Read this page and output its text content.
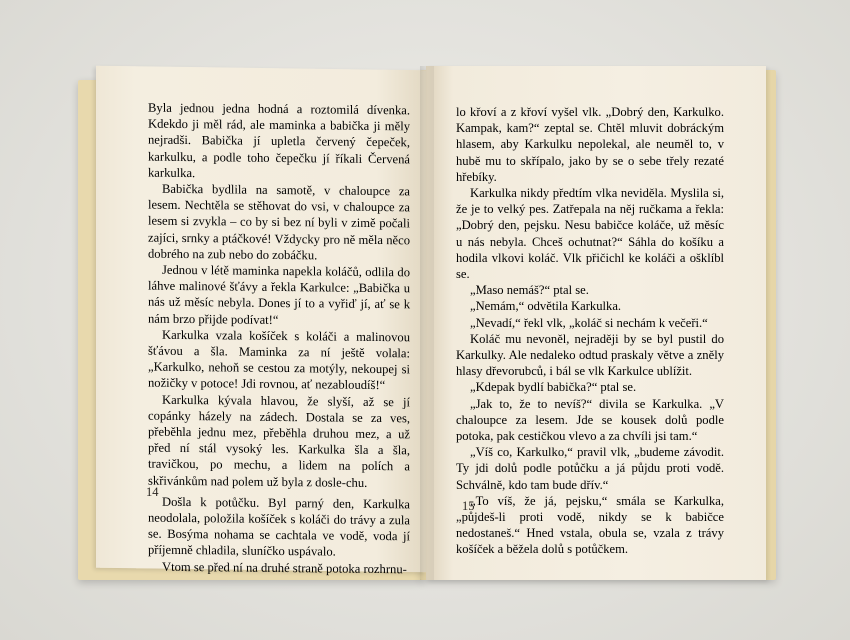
Byla jednou jedna hodná a roztomilá dívenka. Kdekdo ji měl rád, ale maminka a babička ji měly nejradši. Babička jí upletla červený čepeček, karkulku, a podle toho čepečku jí říkali Červená karkulka.

Babička bydlila na samotě, v chaloupce za lesem. Nechtěla se stěhovat do vsi, v chaloupce za lesem si zvykla – co by si bez ní byli v zimě počali zajíci, srnky a ptáčkové! Vždycky pro ně měla něco dobrého na zub nebo do zobáčku.

Jednou v létě maminka napekla koláčů, odlila do láhve malinové šťávy a řekla Karkulce: „Babička u nás už měsíc nebyla. Dones jí to a vyřiď jí, ať se k nám brzo přijde podívat!“

Karkulka vzala košíček s koláči a malinovou šťávou a šla. Maminka za ní ještě volala: „Karkulko, nehoň se cestou za motýly, nekoupej si nožičky v potoce! Jdi rovnou, ať nezabloudíš!“

Karkulka kývala hlavou, že slyší, až se jí copánky házely na zádech. Dostala se za ves, přeběhla jednu mez, přeběhla druhou mez, a už před ní stál vysoký les. Karkulka šla a šla, travičkou, po mechu, a lidem na polích a skřivánkům nad polem už byla z dosle-chu.

Došla k potůčku. Byl parný den, Karkulka neodolala, položila košíček s koláči do trávy a zula se. Bosýma nohama se cachtala ve vodě, voda jí příjemně chladila, sluníčko uspávalo.

Vtom se před ní na druhé straně potoka rozhrnu-

14

lo křoví a z křoví vyšel vlk. „Dobrý den, Karkulko. Kampak, kam?“ zeptal se. Chtěl mluvit dobráckým hlasem, aby Karkulku nepolekal, ale neuměl to, v hubě mu to skřípalo, jako by se o sebe třely rezaté hřebíky.

Karkulka nikdy předtím vlka neviděla. Myslila si, že je to velký pes. Zatřepala na něj ručkama a řekla: „Dobrý den, pejsku. Nesu babičce koláče, už měsíc u nás nebyla. Chceš ochutnat?“ Sáhla do košíku a hodila vlkovi koláč. Vlk přičichl ke koláči a ošklíbl se.

„Maso nemáš?“ ptal se.

„Nemám,“ odvětila Karkulka.

„Nevadí,“ řekl vlk, „koláč si nechám k večeři.“

Koláč mu nevoněl, nejraději by se byl pustil do Karkulky. Ale nedaleko odtud praskaly větve a zněly hlasy dřevorubců, i bál se vlk Karkulce ublížit.

„Kdepak bydlí babička?“ ptal se.

„Jak to, že to nevíš?“ divila se Karkulka. „V chaloupce za lesem. Jde se kousek dolů podle potoka, pak cestičkou vlevo a za chvíli jsi tam.“

„Víš co, Karkulko,“ pravil vlk, „budeme závodit. Ty jdi dolů podle potůčku a já půjdu proti vodě. Schválně, kdo tam bude dřív.“

„To víš, že já, pejsku,“ smála se Karkulka, „půjdeš-li proti vodě, nikdy se k babičce nedostaneš.“ Hned vstala, obula se, vzala z trávy košíček a běžela dolů s potůčkem.

15
